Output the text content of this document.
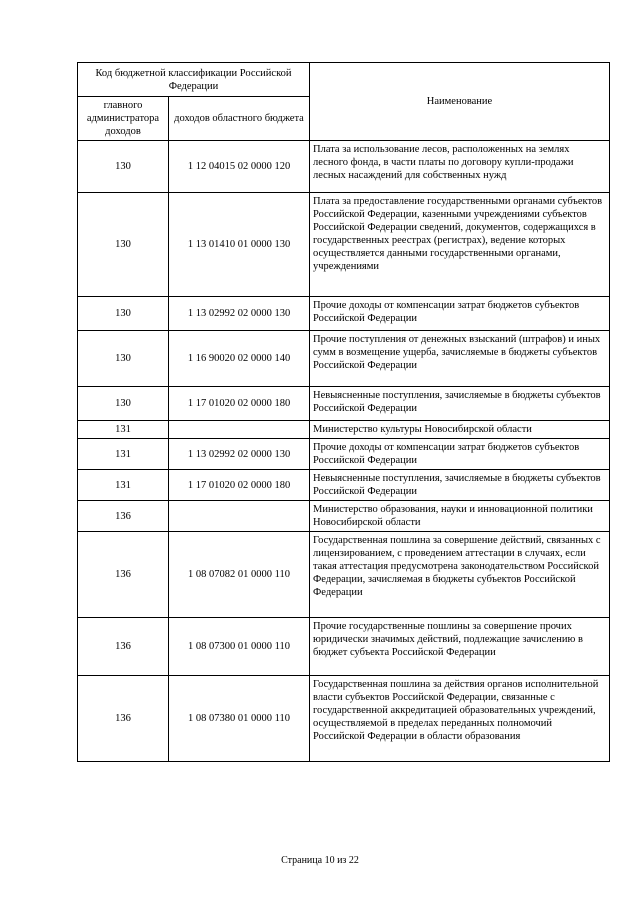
Код бюджетной классификации Российской Федерации		Наименование
главного администратора доходов	доходов областного бюджета	
130	1 12 04015 02 0000 120	Плата за использование лесов, расположенных на землях лесного фонда, в части платы по договору купли-продажи лесных насаждений для собственных нужд
130	1 13 01410 01 0000 130	Плата за предоставление государственными органами субъектов Российской Федерации, казенными учреждениями субъектов Российской Федерации сведений, документов, содержащихся в государственных реестрах (регистрах), ведение которых осуществляется данными государственными органами, учреждениями
130	1 13 02992 02 0000 130	Прочие доходы от компенсации затрат бюджетов субъектов Российской Федерации
130	1 16 90020 02 0000 140	Прочие поступления от денежных взысканий (штрафов) и иных сумм в возмещение ущерба, зачисляемые в бюджеты субъектов Российской Федерации
130	1 17 01020 02 0000 180	Невыясненные поступления, зачисляемые в бюджеты субъектов Российской Федерации
131		Министерство культуры Новосибирской области
131	1 13 02992 02 0000 130	Прочие доходы от компенсации затрат бюджетов субъектов Российской Федерации
131	1 17 01020 02 0000 180	Невыясненные поступления, зачисляемые в бюджеты субъектов Российской Федерации
136		Министерство образования, науки и инновационной политики Новосибирской области
136	1 08 07082 01 0000 110	Государственная пошлина за совершение действий, связанных с лицензированием, с проведением аттестации в случаях, если такая аттестация предусмотрена законодательством Российской Федерации, зачисляемая в бюджеты субъектов Российской Федерации
136	1 08 07300 01 0000 110	Прочие государственные пошлины за совершение прочих юридически значимых действий, подлежащие зачислению в бюджет субъекта Российской Федерации
136	1 08 07380 01 0000 110	Государственная пошлина за действия органов исполнительной власти субъектов Российской Федерации, связанные с государственной аккредитацией образовательных учреждений, осуществляемой в пределах переданных полномочий Российской Федерации в области образования
Страница 10 из 22
